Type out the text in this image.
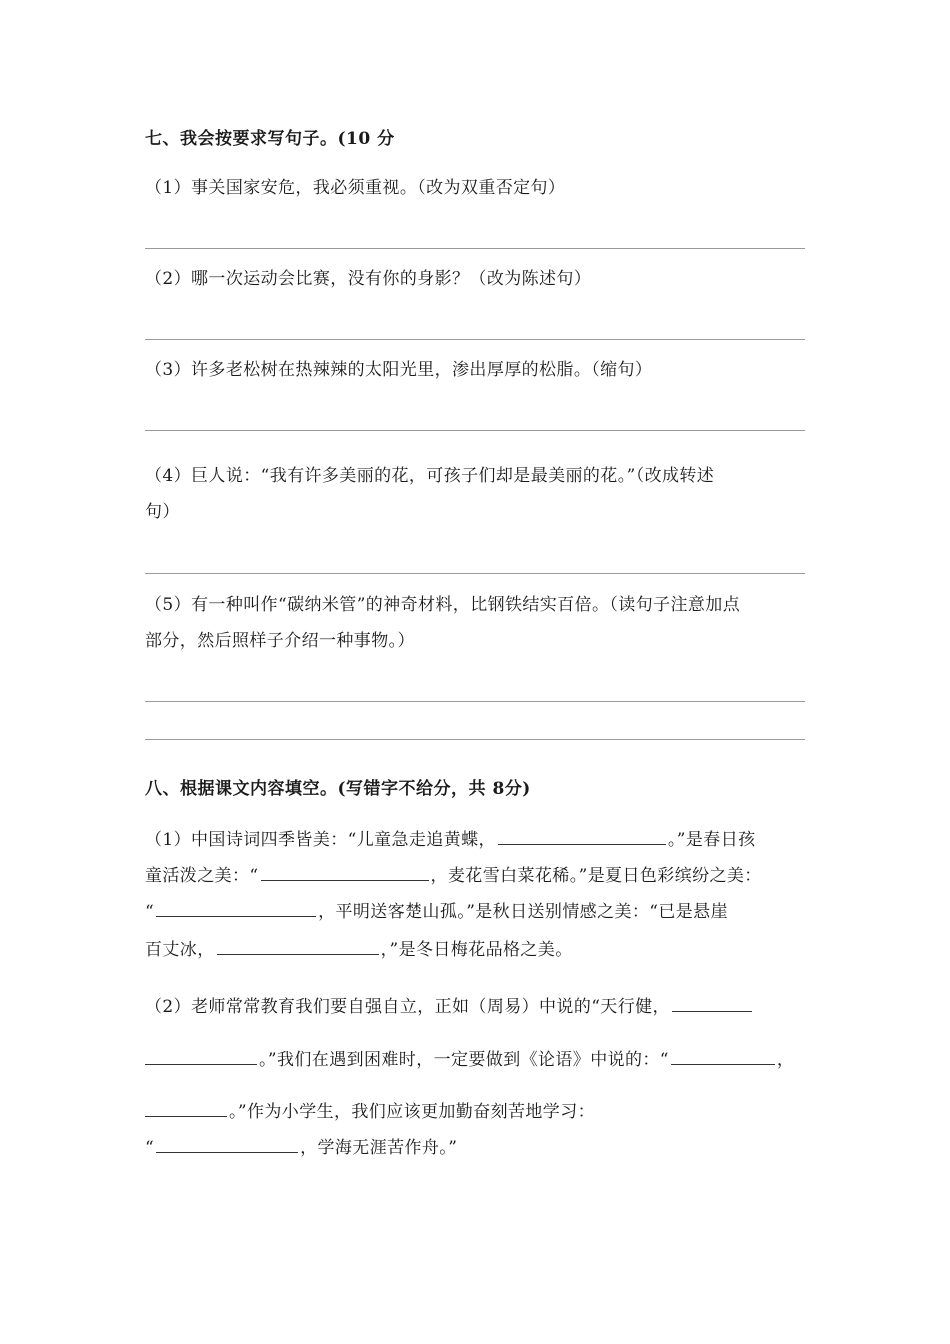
七、我会按要求写句子。(10 分
（1）事关国家安危，我必须重视。（改为双重否定句）
（2）哪一次运动会比赛，没有你的身影？（改为陈述句）
（3）许多老松树在热辣辣的太阳光里，渗出厚厚的松脂。（缩句）
（4）巨人说：“我有许多美丽的花，可孩子们却是最美丽的花。”（改成转述
句）
（5）有一种叫作“碳纳米管”的神奇材料，比钢铁结实百倍。（读句子注意加点
部分，然后照样子介绍一种事物。）
八、根据课文内容填空。(写错字不给分，共 8分)
（1）中国诗词四季皆美：“儿童急走追黄蝶，	。”是春日孩
童活泼之美：“	，麦花雪白菜花稀。”是夏日色彩缤纷之美：
“	，平明送客楚山孤。”是秋日送别情感之美：“已是悬崖
百丈冰，	，”是冬日梅花品格之美。
（2）老师常常教育我们要自强自立，正如（周易）中说的“天行健，
。”我们在遇到困难时，一定要做到《论语》中说的：“	，
。”作为小学生，我们应该更加勤奋刻苦地学习：
“	，学海无涯苦作舟。”
